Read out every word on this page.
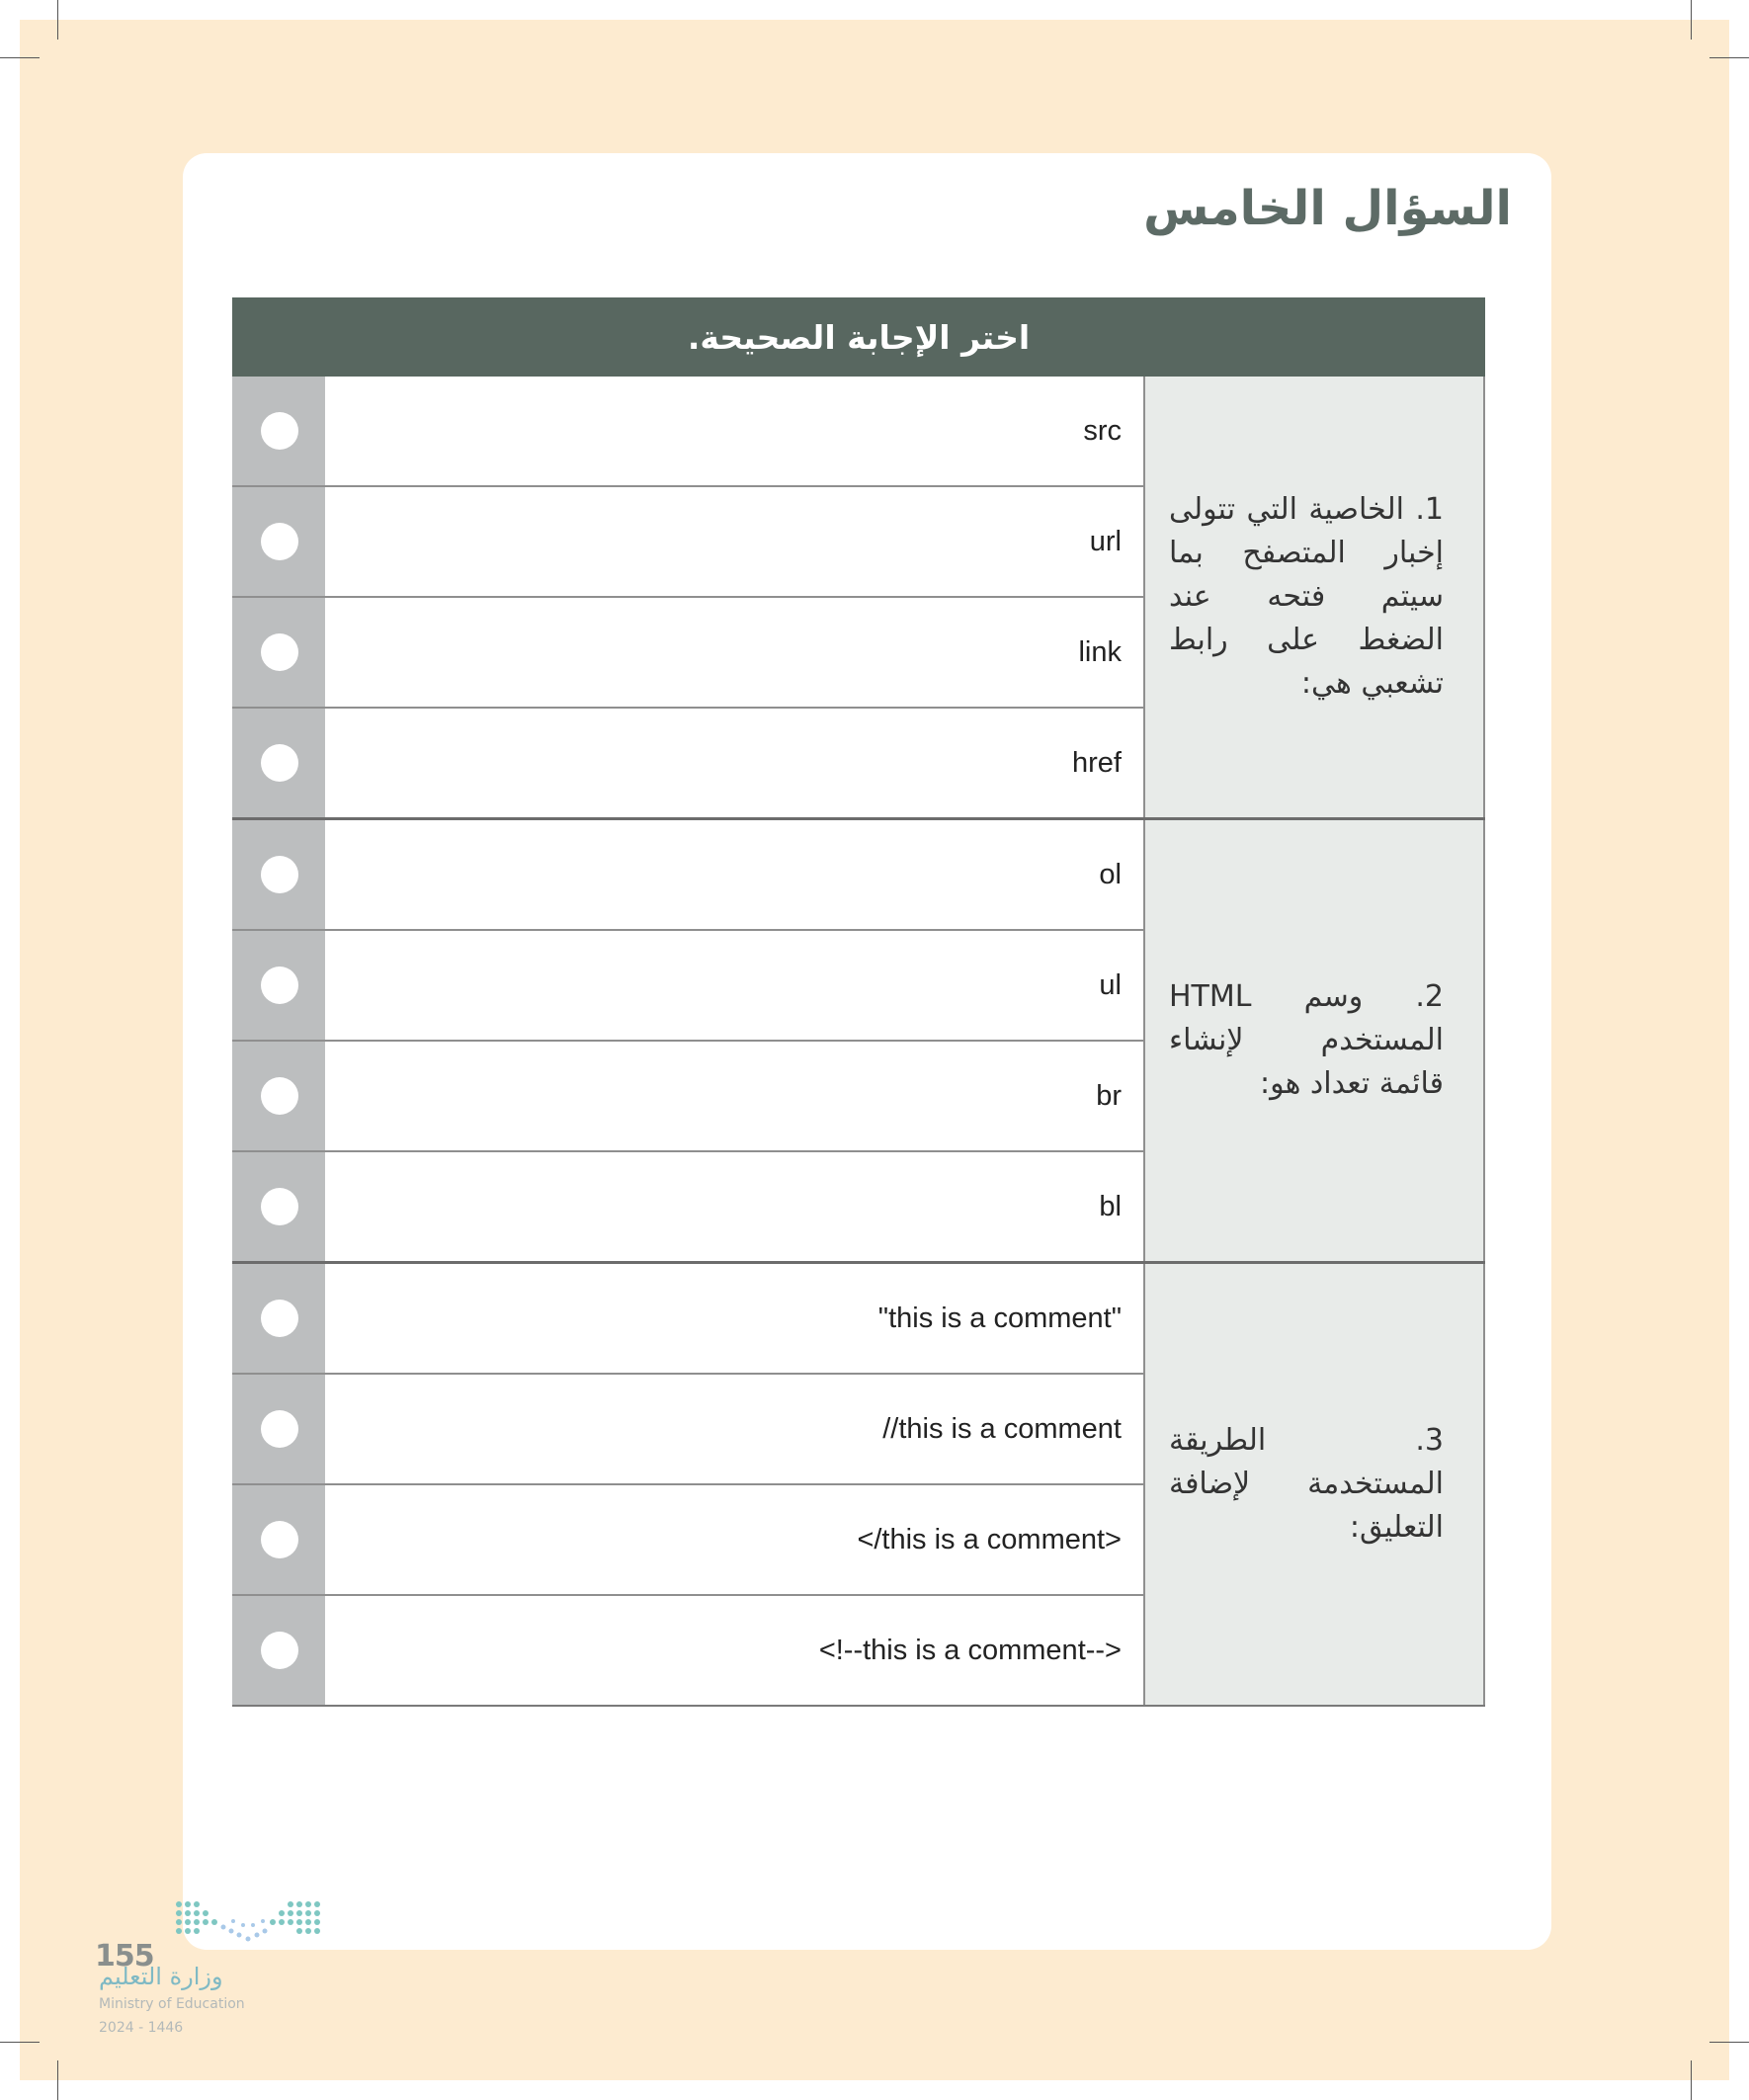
السؤال الخامس
اختر الإجابة الصحيحة.
src
url
link
href
1. الخاصية التي تتولى إخبار المتصفح بما سيتم فتحه عند الضغط على رابط تشعبي هي:
ol
ul
br
bl
2. وسم HTML المستخدم لإنشاء قائمة تعداد هو:
"this is a comment"
//this is a comment
</this is a comment>
<!--this is a comment-->
3. الطريقة المستخدمة لإضافة التعليق:
155
وزارة التعليم
Ministry of Education
2024 - 1446
